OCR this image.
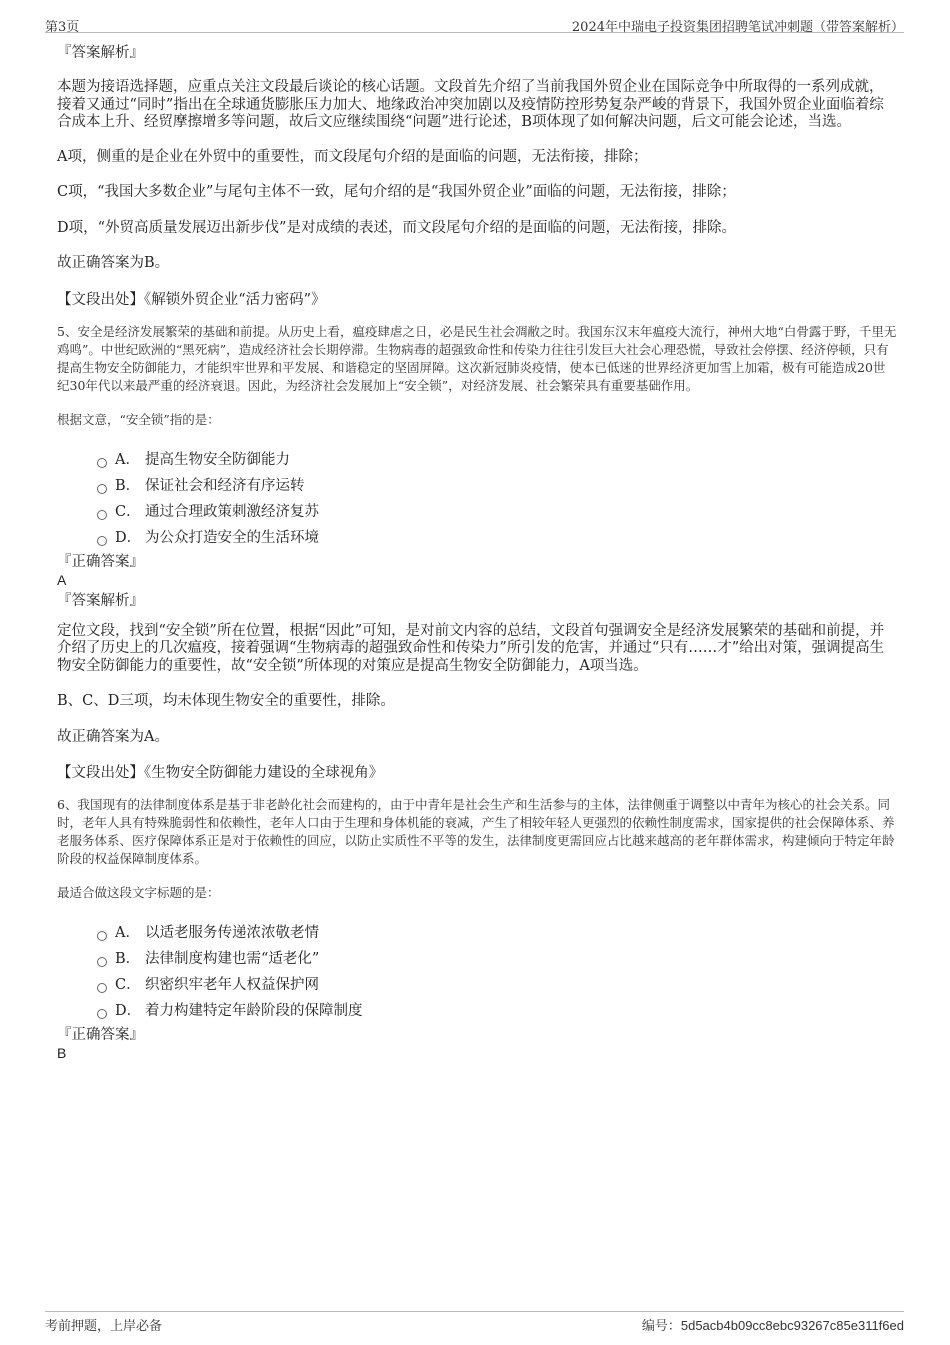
第3页	2024年中瑞电子投资集团招聘笔试冲刺题（带答案解析）

『答案解析』

本题为接语选择题，应重点关注文段最后谈论的核心话题。文段首先介绍了当前我国外贸企业在国际竞争中所取得的一系列成就，接着又通过“同时”指出在全球通货膨胀压力加大、地缘政治冲突加剧以及疫情防控形势复杂严峻的背景下，我国外贸企业面临着综合成本上升、经贸摩擦增多等问题，故后文应继续围绕“问题”进行论述，B项体现了如何解决问题，后文可能会论述，当选。

A项，侧重的是企业在外贸中的重要性，而文段尾句介绍的是面临的问题，无法衔接，排除；

C项，“我国大多数企业”与尾句主体不一致，尾句介绍的是“我国外贸企业”面临的问题，无法衔接，排除；

D项，“外贸高质量发展迈出新步伐”是对成绩的表述，而文段尾句介绍的是面临的问题，无法衔接，排除。

故正确答案为B。

【文段出处】《解锁外贸企业“活力密码”》

5、安全是经济发展繁荣的基础和前提。从历史上看，瘟疫肆虐之日，必是民生社会凋敝之时。我国东汉末年瘟疫大流行，神州大地“白骨露于野，千里无鸡鸣”。中世纪欧洲的“黑死病”，造成经济社会长期停滞。生物病毒的超强致命性和传染力往往引发巨大社会心理恐慌，导致社会停摆、经济停顿，只有提高生物安全防御能力，才能织牢世界和平发展、和谐稳定的坚固屏障。这次新冠肺炎疫情，使本已低迷的世界经济更加雪上加霜，极有可能造成20世纪30年代以来最严重的经济衰退。因此，为经济社会发展加上“安全锁”，对经济发展、社会繁荣具有重要基础作用。

根据文意，“安全锁”指的是：

A． 提高生物安全防御能力
B． 保证社会和经济有序运转
C． 通过合理政策刺激经济复苏
D． 为公众打造安全的生活环境

『正确答案』

A

『答案解析』

定位文段，找到“安全锁”所在位置，根据“因此”可知，是对前文内容的总结，文段首句强调安全是经济发展繁荣的基础和前提，并介绍了历史上的几次瘟疫，接着强调“生物病毒的超强致命性和传染力”所引发的危害，并通过“只有……才”给出对策，强调提高生物安全防御能力的重要性，故“安全锁”所体现的对策应是提高生物安全防御能力，A项当选。

B、C、D三项，均未体现生物安全的重要性，排除。

故正确答案为A。

【文段出处】《生物安全防御能力建设的全球视角》

6、我国现有的法律制度体系是基于非老龄化社会而建构的，由于中青年是社会生产和生活参与的主体，法律侧重于调整以中青年为核心的社会关系。同时，老年人具有特殊脆弱性和依赖性，老年人口由于生理和身体机能的衰减，产生了相较年轻人更强烈的依赖性制度需求，国家提供的社会保障体系、养老服务体系、医疗保障体系正是对于依赖性的回应，以防止实质性不平等的发生，法律制度更需回应占比越来越高的老年群体需求，构建倾向于特定年龄阶段的权益保障制度体系。

最适合做这段文字标题的是：

A． 以适老服务传递浓浓敬老情
B． 法律制度构建也需“适老化”
C． 织密织牢老年人权益保护网
D． 着力构建特定年龄阶段的保障制度

『正确答案』

B

考前押题，上岸必备	编号：5d5acb4b09cc8ebc93267c85e311f6ed
